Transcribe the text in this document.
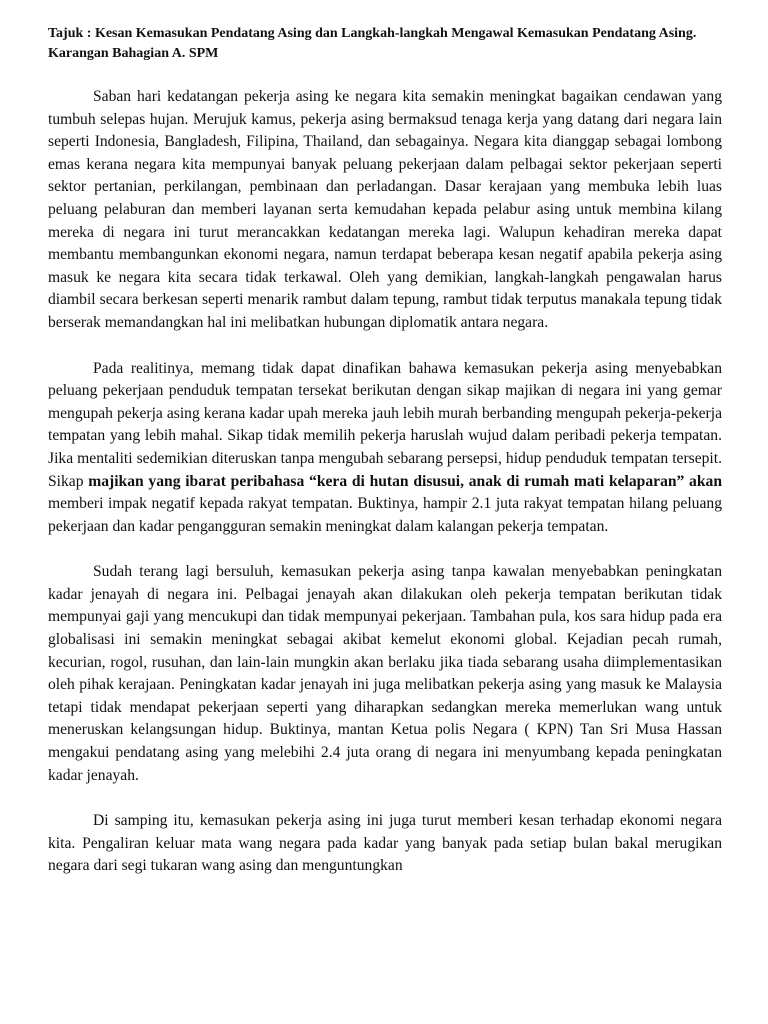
Tajuk : Kesan Kemasukan Pendatang Asing dan Langkah-langkah Mengawal Kemasukan Pendatang Asing. Karangan Bahagian A. SPM

Saban hari kedatangan pekerja asing ke negara kita semakin meningkat bagaikan cendawan yang tumbuh selepas hujan. Merujuk kamus, pekerja asing bermaksud tenaga kerja yang datang dari negara lain seperti Indonesia, Bangladesh, Filipina, Thailand, dan sebagainya. Negara kita dianggap sebagai lombong emas kerana negara kita mempunyai banyak peluang pekerjaan dalam pelbagai sektor pekerjaan seperti sektor pertanian, perkilangan, pembinaan dan perladangan. Dasar kerajaan yang membuka lebih luas peluang pelaburan dan memberi layanan serta kemudahan kepada pelabur asing untuk membina kilang mereka di negara ini turut merancakkan kedatangan mereka lagi. Walupun kehadiran mereka dapat membantu membangunkan ekonomi negara, namun terdapat beberapa kesan negatif apabila pekerja asing masuk ke negara kita secara tidak terkawal. Oleh yang demikian, langkah-langkah pengawalan harus diambil secara berkesan seperti menarik rambut dalam tepung, rambut tidak terputus manakala tepung tidak berserak memandangkan hal ini melibatkan hubungan diplomatik antara negara.

Pada realitinya, memang tidak dapat dinafikan bahawa kemasukan pekerja asing menyebabkan peluang pekerjaan penduduk tempatan tersekat berikutan dengan sikap majikan di negara ini yang gemar mengupah pekerja asing kerana kadar upah mereka jauh lebih murah berbanding mengupah pekerja-pekerja tempatan yang lebih mahal. Sikap tidak memilih pekerja haruslah wujud dalam peribadi pekerja tempatan. Jika mentaliti sedemikian diteruskan tanpa mengubah sebarang persepsi, hidup penduduk tempatan tersepit. Sikap majikan yang ibarat peribahasa “kera di hutan disusui, anak di rumah mati kelaparan” akan memberi impak negatif kepada rakyat tempatan. Buktinya, hampir 2.1 juta rakyat tempatan hilang peluang pekerjaan dan kadar pengangguran semakin meningkat dalam kalangan pekerja tempatan.

Sudah terang lagi bersuluh, kemasukan pekerja asing tanpa kawalan menyebabkan peningkatan kadar jenayah di negara ini. Pelbagai jenayah akan dilakukan oleh pekerja tempatan berikutan tidak mempunyai gaji yang mencukupi dan tidak mempunyai pekerjaan. Tambahan pula, kos sara hidup pada era globalisasi ini semakin meningkat sebagai akibat kemelut ekonomi global. Kejadian pecah rumah, kecurian, rogol, rusuhan, dan lain-lain mungkin akan berlaku jika tiada sebarang usaha diimplementasikan oleh pihak kerajaan. Peningkatan kadar jenayah ini juga melibatkan pekerja asing yang masuk ke Malaysia tetapi tidak mendapat pekerjaan seperti yang diharapkan sedangkan mereka memerlukan wang untuk meneruskan kelangsungan hidup. Buktinya, mantan Ketua polis Negara ( KPN) Tan Sri Musa Hassan mengakui pendatang asing yang melebihi 2.4 juta orang di negara ini menyumbang kepada peningkatan kadar jenayah.

Di samping itu, kemasukan pekerja asing ini juga turut memberi kesan terhadap ekonomi negara kita. Pengaliran keluar mata wang negara pada kadar yang banyak pada setiap bulan bakal merugikan negara dari segi tukaran wang asing dan menguntungkan
